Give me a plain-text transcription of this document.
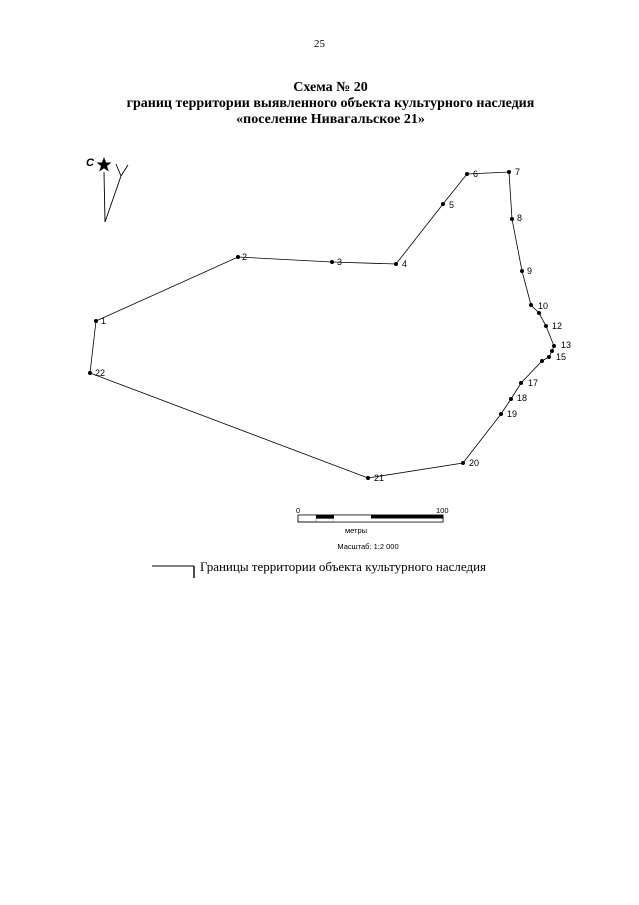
25
Схема № 20
границ территории выявленного объекта культурного наследия
«поселение Нивагальское 21»
С
1
2	3	4
5
6	7
8
9
10
12
13
15
17
18
19
20
21
22
0	100
метры
Масштаб: 1:2 000
Границы территории объекта культурного наследия
